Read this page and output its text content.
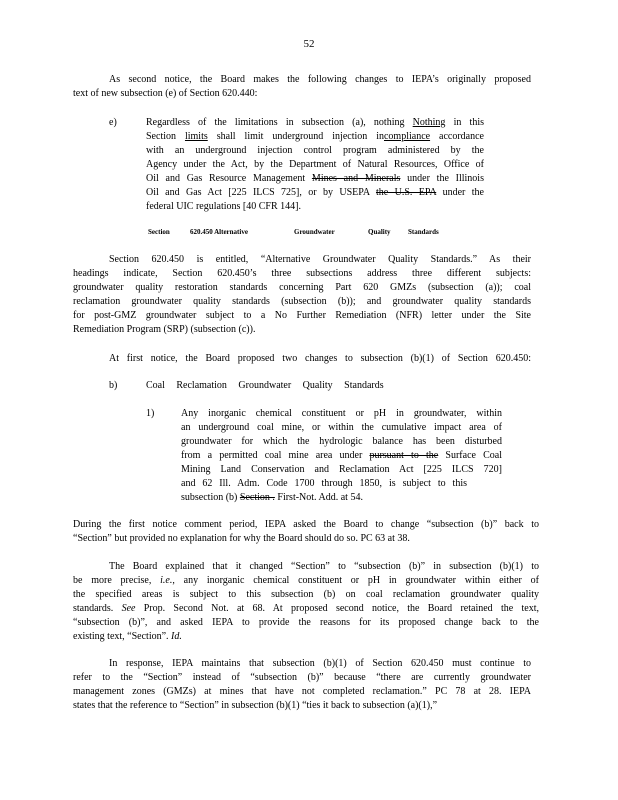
52
As second notice, the Board makes the following changes to IEPA’s originally proposed
text of new subsection (e) of Section 620.440:
e)	Regardless of the limitations in subsection (a), nothing Nothing in this
Section limits shall limit underground injection incompliance accordance
with an underground injection control program administered by the
Agency under the Act, by the Department of Natural Resources, Office of
Oil and Gas Resource Management Mines and Minerals under the Illinois
Oil and Gas Act [225 ILCS 725], or by USEPA the U.S. EPA under the
federal UIC regulations [40 CFR 144].
Section	620.450 Alternative	Groundwater	Quality Standards
Section 620.450 is entitled, “Alternative Groundwater Quality Standards.” As their
headings indicate, Section 620.450’s three subsections address three different subjects:
groundwater quality restoration standards concerning Part 620 GMZs (subsection (a)); coal
reclamation groundwater quality standards (subsection (b)); and groundwater quality standards
for post-GMZ groundwater subject to a No Further Remediation (NFR) letter under the Site
Remediation Program (SRP) (subsection (c)).
At first notice, the Board proposed two changes to subsection (b)(1) of Section 620.450:
b)	Coal Reclamation Groundwater Quality Standards
1)	Any inorganic chemical constituent or pH in groundwater, within
an underground coal mine, or within the cumulative impact area of
groundwater for which the hydrologic balance has been disturbed
from a permitted coal mine area under pursuant to the Surface Coal
Mining Land Conservation and Reclamation Act [225 ILCS 720]
and 62 Ill. Adm. Code 1700 through 1850, is subject to this
subsection (b) Section . First-Not. Add. at 54.
During the first notice comment period, IEPA asked the Board to change “subsection (b)” back to
“Section” but provided no explanation for why the Board should do so. PC 63 at 38.
The Board explained that it changed “Section” to “subsection (b)” in subsection (b)(1) to
be more precise, i.e., any inorganic chemical constituent or pH in groundwater within either of
the specified areas is subject to this subsection (b) on coal reclamation groundwater quality
standards. See Prop. Second Not. at 68. At proposed second notice, the Board retained the text,
“subsection (b)”, and asked IEPA to provide the reasons for its proposed change back to the
existing text, “Section”. Id.
In response, IEPA maintains that subsection (b)(1) of Section 620.450 must continue to
refer to the “Section” instead of “subsection (b)” because “there are currently groundwater
management zones (GMZs) at mines that have not completed reclamation.” PC 78 at 28. IEPA
states that the reference to “Section” in subsection (b)(1) “ties it back to subsection (a)(1),”
